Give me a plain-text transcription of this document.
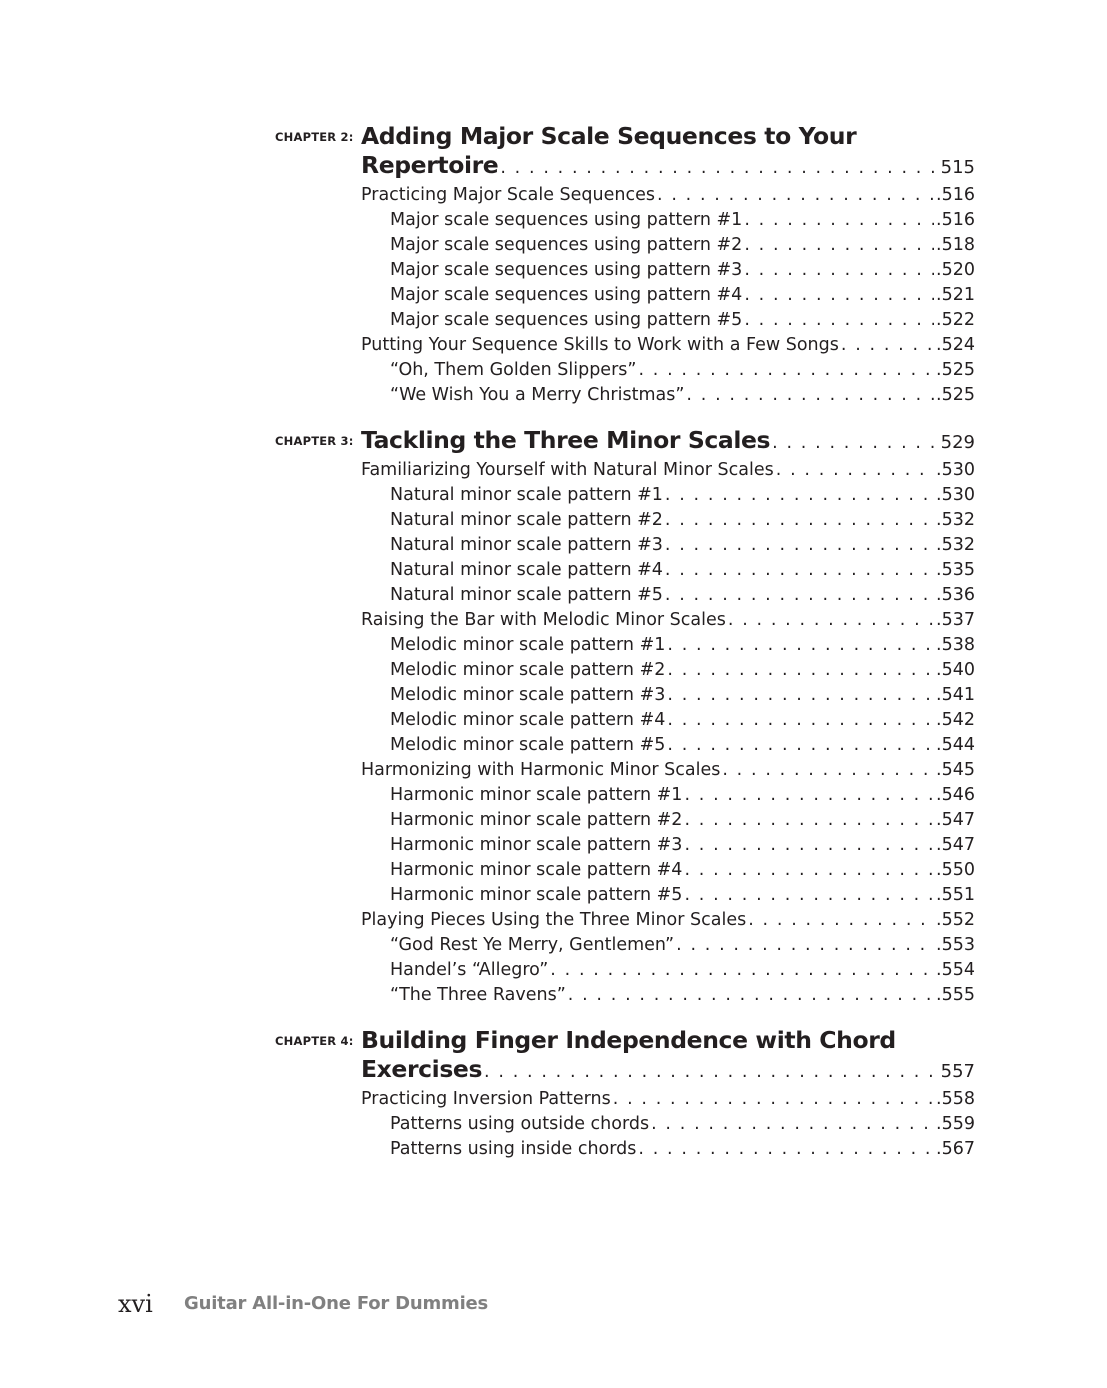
CHAPTER 2: Adding Major Scale Sequences to Your
Repertoire . . .	515
Practicing Major Scale Sequences . . .	.516
Major scale sequences using pattern #1 . . .	.516
Major scale sequences using pattern #2 . . .	.518
Major scale sequences using pattern #3 . . .	.520
Major scale sequences using pattern #4 . . .	.521
Major scale sequences using pattern #5 . . .	.522
Putting Your Sequence Skills to Work with a Few Songs . . .	.524
“Oh, Them Golden Slippers” . . .	.525
“We Wish You a Merry Christmas” . . .	.525
CHAPTER 3: Tackling the Three Minor Scales . . .	529
Familiarizing Yourself with Natural Minor Scales . . .	.530
Natural minor scale pattern #1 . . .	.530
Natural minor scale pattern #2 . . .	.532
Natural minor scale pattern #3 . . .	.532
Natural minor scale pattern #4 . . .	.535
Natural minor scale pattern #5 . . .	.536
Raising the Bar with Melodic Minor Scales . . .	.537
Melodic minor scale pattern #1 . . .	.538
Melodic minor scale pattern #2 . . .	.540
Melodic minor scale pattern #3 . . .	.541
Melodic minor scale pattern #4 . . .	.542
Melodic minor scale pattern #5 . . .	.544
Harmonizing with Harmonic Minor Scales . . .	.545
Harmonic minor scale pattern #1 . . .	.546
Harmonic minor scale pattern #2 . . .	.547
Harmonic minor scale pattern #3 . . .	.547
Harmonic minor scale pattern #4 . . .	.550
Harmonic minor scale pattern #5 . . .	.551
Playing Pieces Using the Three Minor Scales . . .	.552
“God Rest Ye Merry, Gentlemen” . . .	.553
Handel’s “Allegro” . . .	.554
“The Three Ravens” . . .	.555
CHAPTER 4: Building Finger Independence with Chord
Exercises . . .	557
Practicing Inversion Patterns . . .	.558
Patterns using outside chords . . .	.559
Patterns using inside chords . . .	.567
xvi Guitar All-in-One For Dummies
